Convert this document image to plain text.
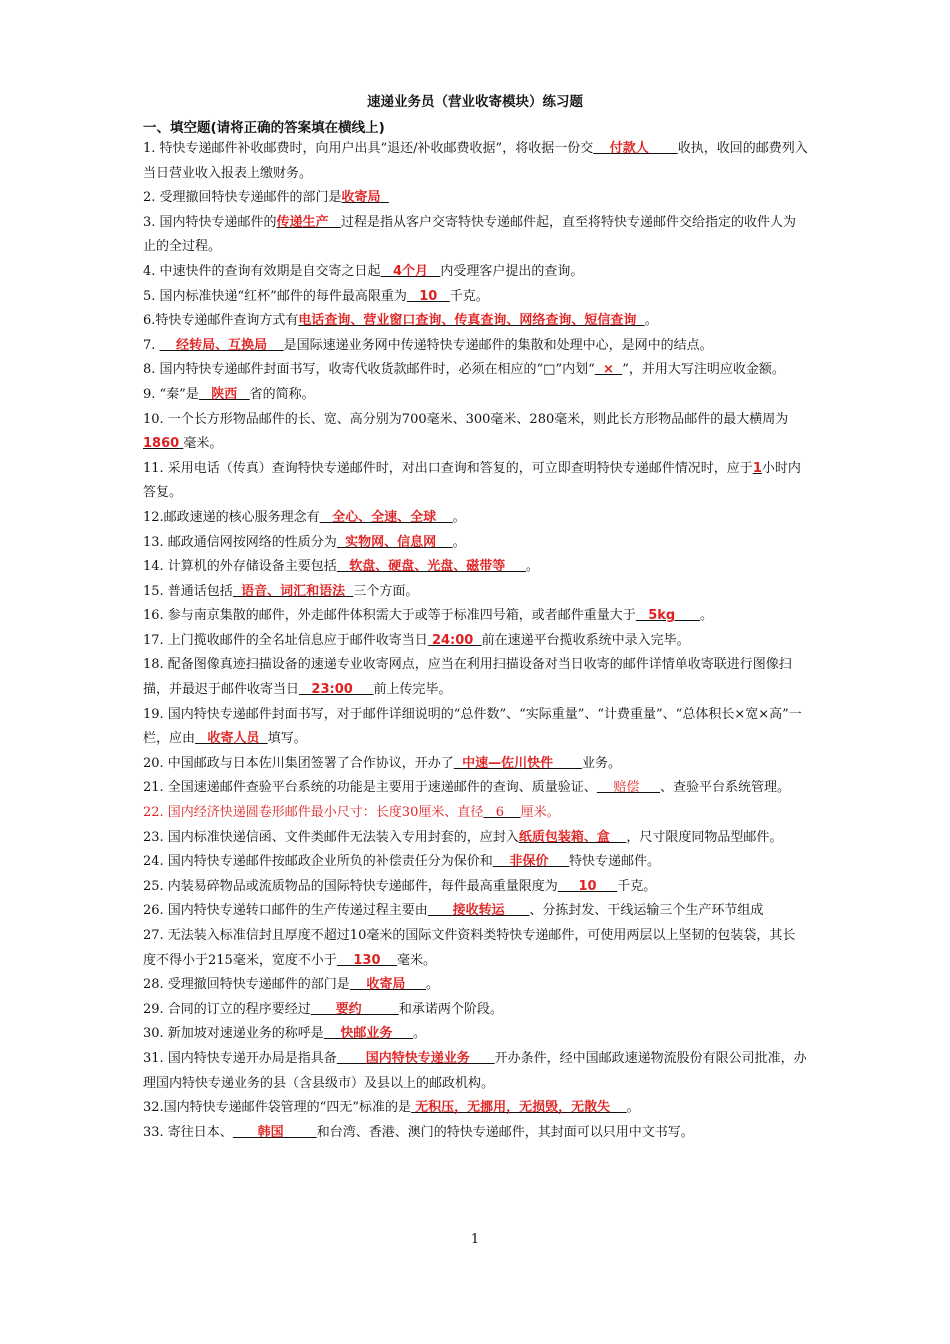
速递业务员（营业收寄模块）练习题
一、填空题(请将正确的答案填在横线上)

1. 特快专递邮件补收邮费时，向用户出具“退还/补收邮费收据”，将收据一份交 付款人 收执，收回的邮费列入当日营业收入报表上缴财务。

2. 受理撤回特快专递邮件的部门是收寄局

3. 国内特快专递邮件的传递生产 过程是指从客户交寄特快专递邮件起，直至将特快专递邮件交给指定的收件人为止的全过程。

4. 中速快件的查询有效期是自交寄之日起 4个月 内受理客户提出的查询。

5. 国内标准快递“红杯”邮件的每件最高限重为 10 千克。

6.特快专递邮件查询方式有电话查询、营业窗口查询、传真查询、网络查询、短信查询 。

7.     经转局、互换局 是国际速递业务网中传递特快专递邮件的集散和处理中心，是网中的结点。

8. 国内特快专递邮件封面书写，收寄代收货款邮件时，必须在相应的“□”内划“ × ”，并用大写注明应收金额。

9. “秦”是 陕西 省的简称。

10. 一个长方形物品邮件的长、宽、高分别为700毫米、300毫米、280毫米，则此长方形物品邮件的最大横周为1860 毫米。

11. 采用电话（传真）查询特快专递邮件时，对出口查询和答复的，可立即查明特快专递邮件情况时，应于1小时内答复。

12.邮政速递的核心服务理念有 全心、全速、全球 。

13. 邮政通信网按网络的性质分为 实物网、信息网 。

14. 计算机的外存储设备主要包括 软盘、硬盘、光盘、磁带等 。

15. 普通话包括 语音、词汇和语法 三个方面。

16. 参与南京集散的邮件，外走邮件体积需大于或等于标准四号箱，或者邮件重量大于 5kg 。

17. 上门揽收邮件的全名址信息应于邮件收寄当日 24:00 前在速递平台揽收系统中录入完毕。

18. 配备图像真迹扫描设备的速递专业收寄网点，应当在利用扫描设备对当日收寄的邮件详情单收寄联进行图像扫描，并最迟于邮件收寄当日 23:00 前上传完毕。

19. 国内特快专递邮件封面书写，对于邮件详细说明的“总件数”、“实际重量”、“计费重量”、“总体积长×宽×高”一栏，应由 收寄人员 填写。

20. 中国邮政与日本佐川集团签署了合作协议，开办了 中速—佐川快件 业务。

21. 全国速递邮件查验平台系统的功能是主要用于速递邮件的查询、质量验证、 赔偿 、查验平台系统管理。

22. 国内经济快递圆卷形邮件最小尺寸：长度30厘米、直径 6 厘米。

23. 国内标准快递信函、文件类邮件无法装入专用封套的，应封入纸质包装箱、盒 ，尺寸限度同物品型邮件。

24. 国内特快专递邮件按邮政企业所负的补偿责任分为保价和 非保价 特快专递邮件。

25. 内装易碎物品或流质物品的国际特快专递邮件，每件最高重量限度为 10 千克。

26. 国内特快专递转口邮件的生产传递过程主要由 接收转运 、分拣封发、干线运输三个生产环节组成

27. 无法装入标准信封且厚度不超过10毫米的国际文件资料类特快专递邮件，可使用两层以上坚韧的包装袋，其长度不得小于215毫米，宽度不小于 130 毫米。

28. 受理撤回特快专递邮件的部门是 收寄局 。

29. 合同的订立的程序要经过 要约	和承诺两个阶段。

30. 新加坡对速递业务的称呼是 快邮业务 。

31. 国内特快专递开办局是指具备 国内特快专递业务 开办条件，经中国邮政速递物流股份有限公司批准，办理国内特快专递业务的县（含县级市）及县以上的邮政机构。

32.国内特快专递邮件袋管理的“四无”标准的是 无积压，无挪用，无损毁，无散失 。

33. 寄往日本、 韩国	和台湾、香港、澳门的特快专递邮件，其封面可以只用中文书写。

1
